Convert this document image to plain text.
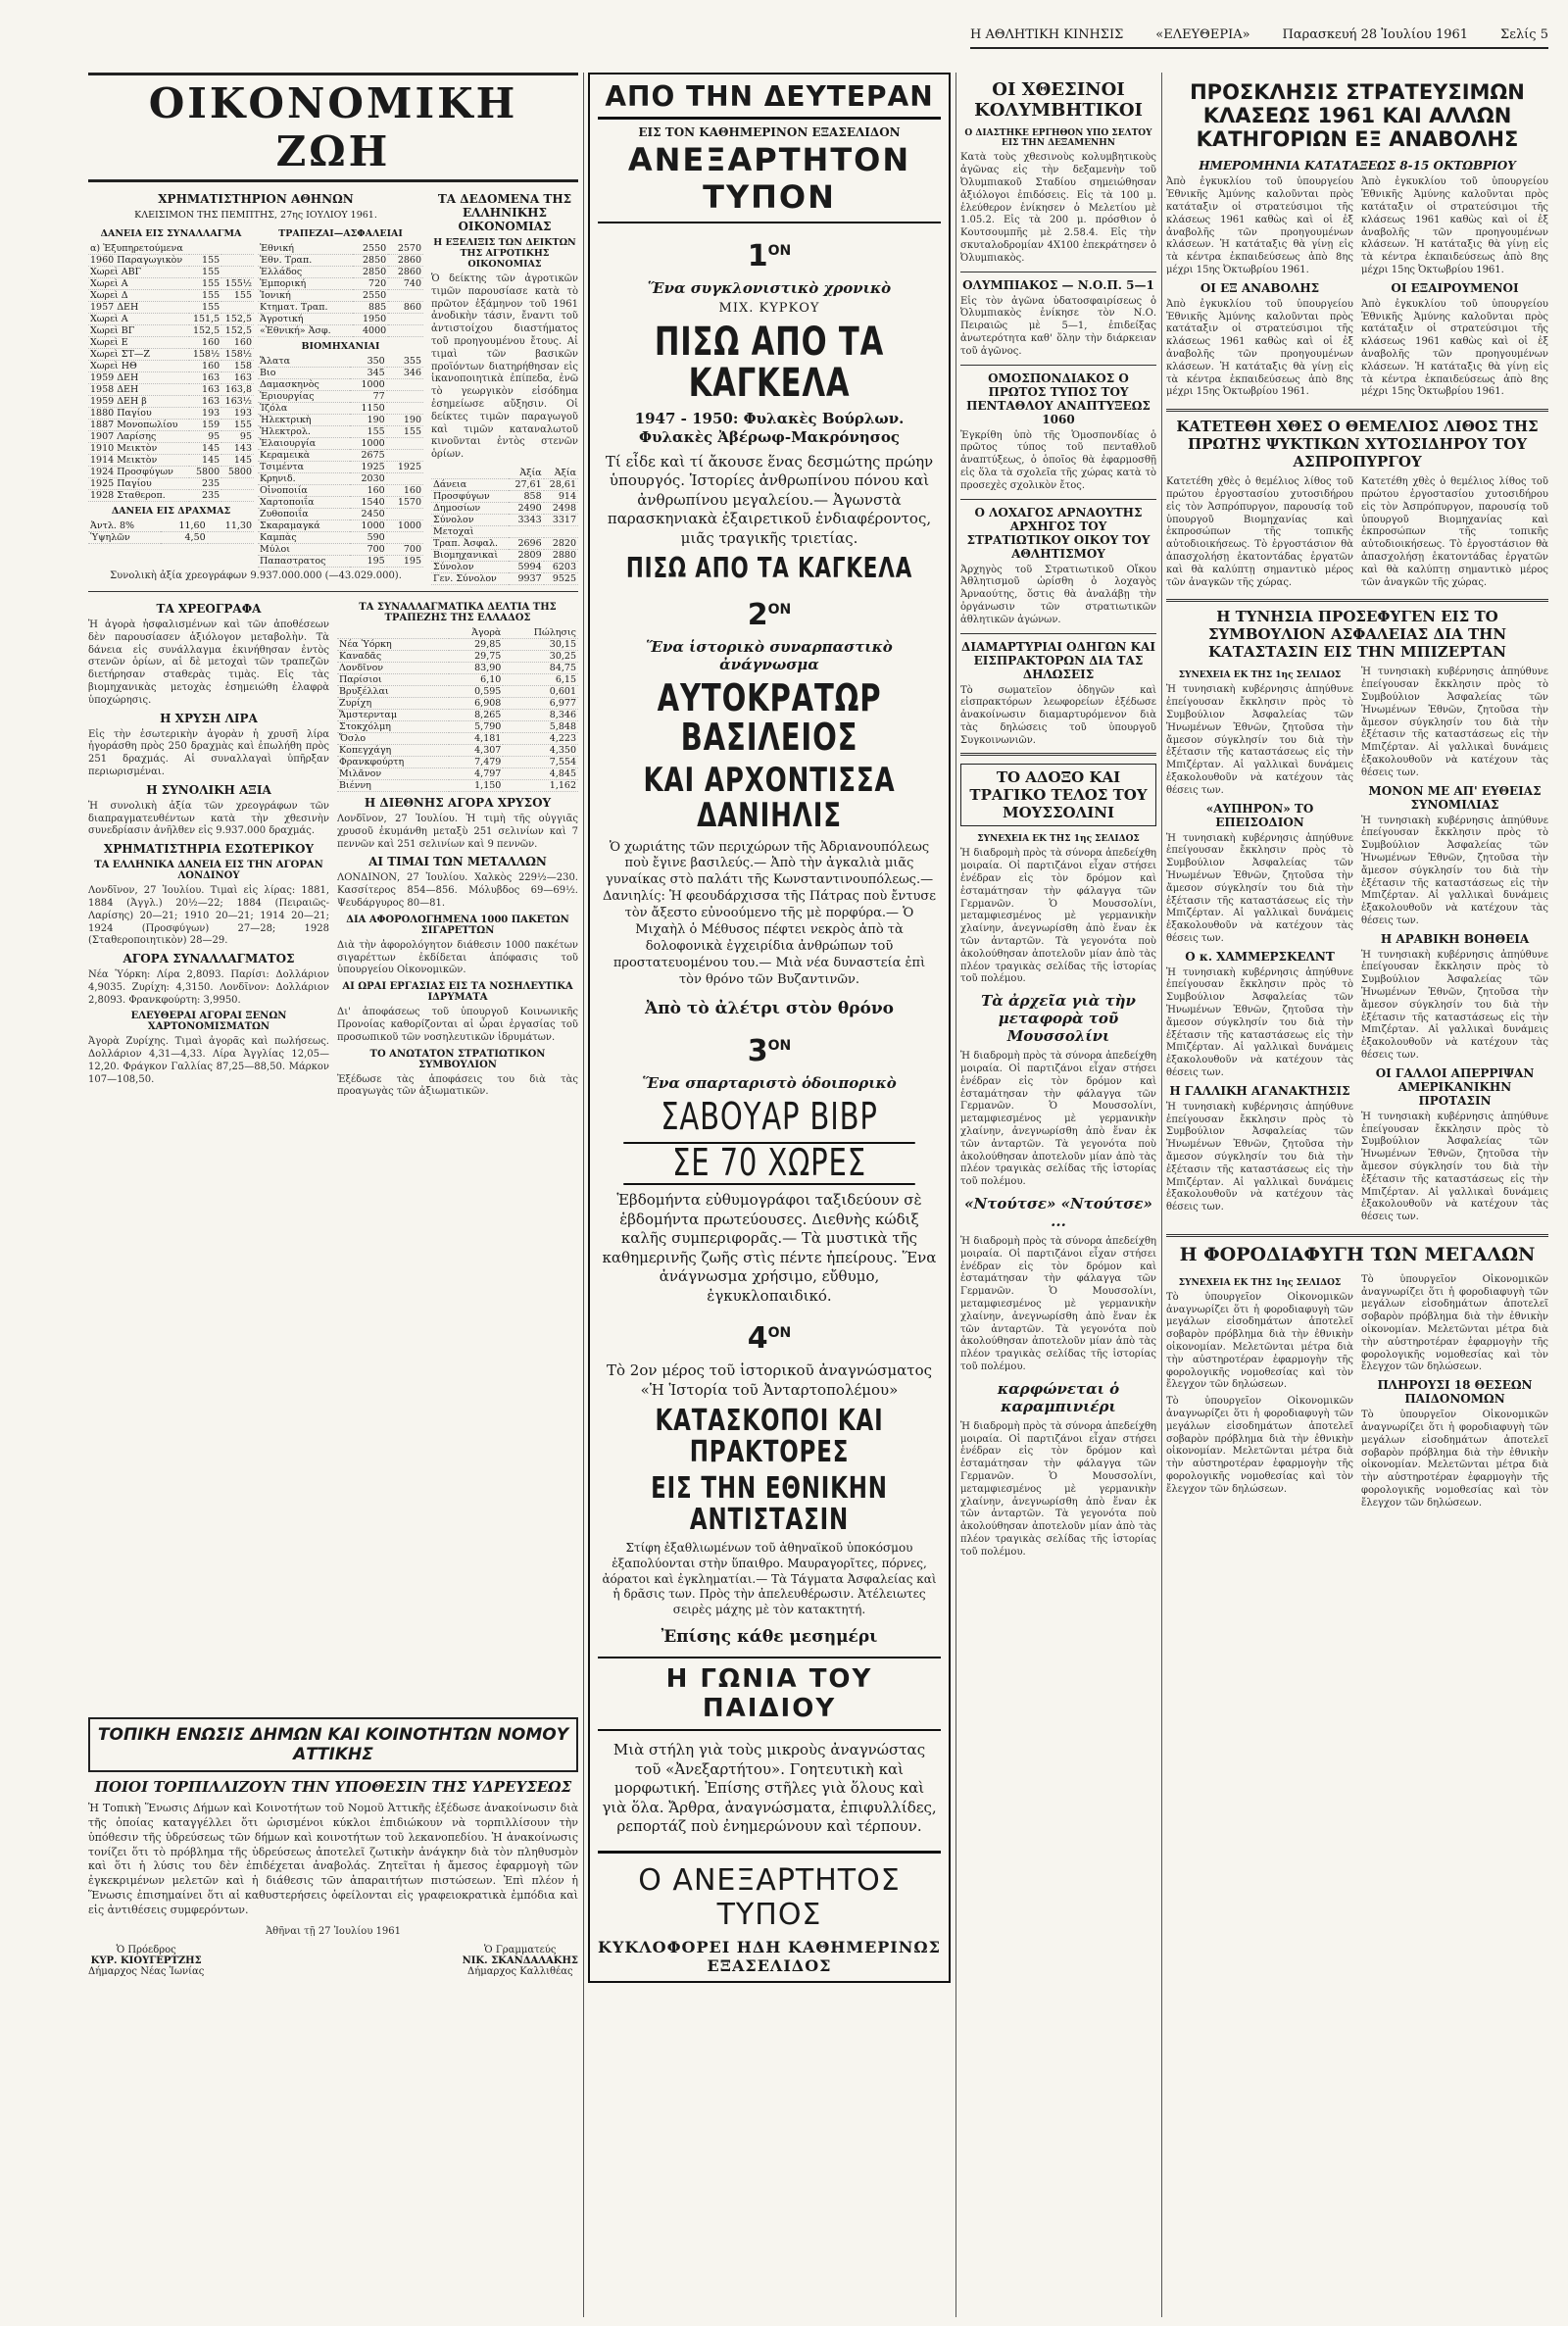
Η ΑΘΛΗΤΙΚΗ ΚΙΝΗΣΙΣ	«ΕΛΕΥΘΕΡΙΑ»	Παρασκευή 28 Ἰουλίου 1961	Σελίς 5
ΟΙΚΟΝΟΜΙΚΗ ΖΩΗ
ΧΡΗΜΑΤΙΣΤΗΡΙΟΝ ΑΘΗΝΩΝ
ΚΛΕΙΣΙΜΟΝ ΤΗΣ ΠΕΜΠΤΗΣ, 27ης ΙΟΥΛΙΟΥ 1961.
ΔΑΝΕΙΑ ΕΙΣ ΣΥΝΑΛΛΑΓΜΑ
α) Ἐξυπηρετούμενα		
1960 Παραγωγικὸν	155	
Χωρεὶ ΑΒΓ	155	
Χωρεὶ Α	155	155½
Χωρεὶ Δ	155	155
1957 ΔΕΗ	155	
Χωρεὶ Α	151,5	152,5
Χωρεὶ ΒΓ	152,5	152,5
Χωρεὶ Ε	160	160
Χωρεὶ ΣΤ—Ζ	158½	158½
Χωρεὶ ΗΘ	160	158
1959 ΔΕΗ	163	163
1958 ΔΕΗ	163	163,8
1959 ΔΕΗ β	163	163½
1880 Παγίου	193	193
1887 Μονοπωλίου	159	155
1907 Λαρίσης	95	95
1910 Μεικτὸν	145	143
1914 Μεικτὸν	145	145
1924 Προσφύγων	5800	5800
1925 Παγίου	235	
1928 Σταθεροπ.	235	
ΔΑΝΕΙΑ ΕΙΣ ΔΡΑΧΜΑΣ
Ἀντλ. 8%	11,60	11,30
Ὑψηλῶν	4,50	
ΤΡΑΠΕΖΑΙ—ΑΣΦΑΛΕΙΑΙ
Ἐθνική	2550	2570
Ἐθν. Τραπ.	2850	2860
Ἑλλάδος	2850	2860
Ἐμπορική	720	740
Ἰονική	2550	
Κτηματ. Τραπ.	885	860
Ἀγροτική	1950	
«Ἐθνική» Ἀσφ.	4000	
ΒΙΟΜΗΧΑΝΙΑΙ
Ἄλατα	350	355
Βιο	345	346
Δαμασκηνὸς	1000	
Ἐριουργίας	77	
Ἰζόλα	1150	
Ἡλεκτρικὴ	190	190
Ἡλεκτρολ.	155	155
Ἐλαιουργία	1000	
Κεραμεικὰ	2675	
Τσιμέντα	1925	1925
Κρηνιδ.	2030	
Οἰνοποιία	160	160
Χαρτοποιΐα	1540	1570
Ζυθοποιΐα	2450	
Σκαραμαγκά	1000	1000
Καμπὰς	590	
Μύλοι	700	700
Παπαστρατος	195	195
Συνολικὴ ἀξία χρεογράφων 9.937.000.000 (—43.029.000).
ΤΑ ΔΕΔΟΜΕΝΑ ΤΗΣ ΕΛΛΗΝΙΚΗΣ ΟΙΚΟΝΟΜΙΑΣ
Η ΕΞΕΛΙΞΙΣ ΤΩΝ ΔΕΙΚΤΩΝ ΤΗΣ ΑΓΡΟΤΙΚΗΣ ΟΙΚΟΝΟΜΙΑΣ
Ὁ δείκτης τῶν ἀγροτικῶν τιμῶν παρουσίασε κατὰ τὸ πρῶτον ἑξάμηνον τοῦ 1961 ἀνοδικὴν τάσιν, ἔναντι τοῦ ἀντιστοίχου διαστήματος τοῦ προηγουμένου ἔτους. Αἱ τιμαὶ τῶν βασικῶν προϊόντων διατηρήθησαν εἰς ἱκανοποιητικὰ ἐπίπεδα, ἐνῶ τὸ γεωργικὸν εἰσόδημα ἐσημείωσε αὔξησιν. Οἱ δείκτες τιμῶν παραγωγοῦ καὶ τιμῶν καταναλωτοῦ κινοῦνται ἐντὸς στενῶν ὁρίων.
	Ἀξία	Ἀξία
Δάνεια	27,61	28,61
Προσφύγων	858	914
Δημοσίων	2490	2498
Σύνολον	3343	3317
Μετοχαὶ		
Τραπ. Ἀσφαλ.	2696	2820
Βιομηχανικαὶ	2809	2880
Σύνολον	5994	6203
Γεν. Σύνολον	9937	9525
ΤΑ ΧΡΕΟΓΡΑΦΑ
Ἡ ἀγορὰ ἠσφαλισμένων καὶ τῶν ἀποθέσεων δὲν παρουσίασεν ἀξιόλογον μεταβολὴν. Τὰ δάνεια εἰς συνάλλαγμα ἐκινήθησαν ἐντὸς στενῶν ὁρίων, αἱ δὲ μετοχαὶ τῶν τραπεζῶν διετήρησαν σταθερὰς τιμὰς. Εἰς τὰς βιομηχανικὰς μετοχὰς ἐσημειώθη ἐλαφρὰ ὑποχώρησις.
Η ΧΡΥΣΗ ΛΙΡΑ
Εἰς τὴν ἐσωτερικὴν ἀγορὰν ἡ χρυσῆ λίρα ἠγοράσθη πρὸς 250 δραχμὰς καὶ ἐπωλήθη πρὸς 251 δραχμάς. Αἱ συναλλαγαὶ ὑπῆρξαν περιωρισμέναι.
Η ΣΥΝΟΛΙΚΗ ΑΞΙΑ
Ἡ συνολικὴ ἀξία τῶν χρεογράφων τῶν διαπραγματευθέντων κατὰ τὴν χθεσινὴν συνεδρίασιν ἀνῆλθεν εἰς 9.937.000 δραχμάς.
ΧΡΗΜΑΤΙΣΤΗΡΙΑ ΕΣΩΤΕΡΙΚΟΥ
ΤΑ ΕΛΛΗΝΙΚΑ ΔΑΝΕΙΑ ΕΙΣ ΤΗΝ ΑΓΟΡΑΝ ΛΟΝΔΙΝΟΥ
Λονδῖνον, 27 Ἰουλίου. Τιμαὶ εἰς λίρας: 1881, 1884 (Ἀγγλ.) 20½—22; 1884 (Πειραιῶς-Λαρίσης) 20—21; 1910 20—21; 1914 20—21; 1924 (Προσφύγων) 27—28; 1928 (Σταθεροποιητικὸν) 28—29.
ΑΓΟΡΑ ΣΥΝΑΛΛΑΓΜΑΤΟΣ
Νέα Ὑόρκη: Λίρα 2,8093. Παρίσι: Δολλάριον 4,9035. Ζυρίχη: 4,3150. Λονδῖνον: Δολλάριον 2,8093. Φρανκφούρτη: 3,9950.
ΕΛΕΥΘΕΡΑΙ ΑΓΟΡΑΙ ΞΕΝΩΝ ΧΑΡΤΟΝΟΜΙΣΜΑΤΩΝ
Ἀγορὰ Ζυρίχης. Τιμαὶ ἀγορᾶς καὶ πωλήσεως. Δολλάριον 4,31—4,33. Λίρα Ἀγγλίας 12,05—12,20. Φράγκον Γαλλίας 87,25—88,50. Μάρκον 107—108,50.
ΤΑ ΣΥΝΑΛΛΑΓΜΑΤΙΚΑ ΔΕΛΤΙΑ ΤΗΣ ΤΡΑΠΕΖΗΣ ΤΗΣ ΕΛΛΑΔΟΣ
	Ἀγορὰ	Πώλησις
Νέα Ὑόρκη	29,85	30,15
Καναδᾶς	29,75	30,25
Λονδῖνον	83,90	84,75
Παρίσιοι	6,10	6,15
Βρυξέλλαι	0,595	0,601
Ζυρίχη	6,908	6,977
Ἄμστερνταμ	8,265	8,346
Στοκχόλμη	5,790	5,848
Ὄσλο	4,181	4,223
Κοπεγχάγη	4,307	4,350
Φρανκφούρτη	7,479	7,554
Μιλᾶνον	4,797	4,845
Βιέννη	1,150	1,162
Η ΔΙΕΘΝΗΣ ΑΓΟΡΑ ΧΡΥΣΟΥ
Λονδῖνον, 27 Ἰουλίου. Ἡ τιμὴ τῆς οὐγγιᾶς χρυσοῦ ἐκυμάνθη μεταξὺ 251 σελινίων καὶ 7 πεννῶν καὶ 251 σελινίων καὶ 9 πεννῶν.
ΑΙ ΤΙΜΑΙ ΤΩΝ ΜΕΤΑΛΛΩΝ
ΛΟΝΔΙΝΟΝ, 27 Ἰουλίου. Χαλκὸς 229½—230. Κασσίτερος 854—856. Μόλυβδος 69—69½. Ψευδάργυρος 80—81.
ΔΙΑ ΑΦΟΡΟΛΟΓΗΜΕΝΑ 1000 ΠΑΚΕΤΩΝ ΣΙΓΑΡΕΤΤΩΝ
Διὰ τὴν ἀφορολόγητον διάθεσιν 1000 πακέτων σιγαρέττων ἐκδίδεται ἀπόφασις τοῦ ὑπουργείου Οἰκονομικῶν.
ΑΙ ΩΡΑΙ ΕΡΓΑΣΙΑΣ ΕΙΣ ΤΑ ΝΟΣΗΛΕΥΤΙΚΑ ΙΔΡΥΜΑΤΑ
Δι' ἀποφάσεως τοῦ ὑπουργοῦ Κοινωνικῆς Προνοίας καθορίζονται αἱ ὧραι ἐργασίας τοῦ προσωπικοῦ τῶν νοσηλευτικῶν ἱδρυμάτων.
ΤΟ ΑΝΩΤΑΤΟΝ ΣΤΡΑΤΙΩΤΙΚΟΝ ΣΥΜΒΟΥΛΙΟΝ
Ἐξέδωσε τὰς ἀποφάσεις του διὰ τὰς προαγωγὰς τῶν ἀξιωματικῶν.
ΤΟΠΙΚΗ ΕΝΩΣΙΣ ΔΗΜΩΝ ΚΑΙ ΚΟΙΝΟΤΗΤΩΝ ΝΟΜΟΥ ΑΤΤΙΚΗΣ
ΠΟΙΟΙ ΤΟΡΠΙΛΛΙΖΟΥΝ ΤΗΝ ΥΠΟΘΕΣΙΝ ΤΗΣ ΥΔΡΕΥΣΕΩΣ
Ἡ Τοπικὴ Ἕνωσις Δήμων καὶ Κοινοτήτων τοῦ Νομοῦ Ἀττικῆς ἐξέδωσε ἀνακοίνωσιν διὰ τῆς ὁποίας καταγγέλλει ὅτι ὡρισμένοι κύκλοι ἐπιδιώκουν νὰ τορπιλλίσουν τὴν ὑπόθεσιν τῆς ὑδρεύσεως τῶν δήμων καὶ κοινοτήτων τοῦ λεκανοπεδίου. Ἡ ἀνακοίνωσις τονίζει ὅτι τὸ πρόβλημα τῆς ὑδρεύσεως ἀποτελεῖ ζωτικὴν ἀνάγκην διὰ τὸν πληθυσμὸν καὶ ὅτι ἡ λύσις του δὲν ἐπιδέχεται ἀναβολάς. Ζητεῖται ἡ ἄμεσος ἐφαρμογὴ τῶν ἐγκεκριμένων μελετῶν καὶ ἡ διάθεσις τῶν ἀπαραιτήτων πιστώσεων. Ἐπὶ πλέον ἡ Ἕνωσις ἐπισημαίνει ὅτι αἱ καθυστερήσεις ὀφείλονται εἰς γραφειοκρατικὰ ἐμπόδια καὶ εἰς ἀντιθέσεις συμφερόντων.
Ἀθῆναι τῇ 27 Ἰουλίου 1961
Ὁ Πρόεδρος
ΚΥΡ. ΚΙΟΥΓΕΡΤΖΗΣ
Δήμαρχος Νέας Ἰωνίας
Ὁ Γραμματεύς
ΝΙΚ. ΣΚΑΝΔΑΛΑΚΗΣ
Δήμαρχος Καλλιθέας
ΑΠΟ ΤΗΝ ΔΕΥΤΕΡΑΝ
ΕΙΣ ΤΟΝ ΚΑΘΗΜΕΡΙΝΟΝ ΕΞΑΣΕΛΙΔΟΝ
ΑΝΕΞΑΡΤΗΤΟΝ ΤΥΠΟΝ
$1^{ON}$
Ἕνα συγκλονιστικὸ χρονικὸ
ΜΙΧ. ΚΥΡΚΟΥ
ΠΙΣΩ ΑΠΟ ΤΑ ΚΑΓΚΕΛΑ
1947 - 1950: Φυλακὲς Βούρλων. Φυλακὲς Ἀβέρωφ-Μακρόνησος
Τί εἶδε καὶ τί ἄκουσε ἕνας δεσμώτης πρώην ὑπουργός. Ἱστορίες ἀνθρωπίνου πόνου καὶ ἀνθρωπίνου μεγαλείου.— Ἀγωνστὰ παρασκηνιακὰ ἐξαιρετικοῦ ἐνδιαφέροντος, μιᾶς τραγικῆς τριετίας.
ΠΙΣΩ ΑΠΟ ΤΑ ΚΑΓΚΕΛΑ
$2^{ON}$
Ἕνα ἱστορικὸ συναρπαστικὸ ἀνάγνωσμα
ΑΥΤΟΚΡΑΤΩΡ ΒΑΣΙΛΕΙΟΣ
ΚΑΙ ΑΡΧΟΝΤΙΣΣΑ ΔΑΝΙΗΛΙΣ
Ὁ χωριάτης τῶν περιχώρων τῆς Ἀδριανουπόλεως ποὺ ἔγινε βασιλεύς.— Ἀπὸ τὴν ἀγκαλιὰ μιᾶς γυναίκας στὸ παλάτι τῆς Κωνσταντινουπόλεως.— Δανιηλίς: Ἡ φεουδάρχισσα τῆς Πάτρας ποὺ ἔντυσε τὸν ἄξεστο εὐνοούμενο τῆς μὲ πορφύρα.— Ὁ Μιχαὴλ ὁ Μέθυσος πέφτει νεκρὸς ἀπὸ τὰ δολοφονικὰ ἐγχειρίδια ἀνθρώπων τοῦ προστατευομένου του.— Μιὰ νέα δυναστεία ἐπὶ τὸν θρόνο τῶν Βυζαντινῶν.
Ἀπὸ τὸ ἀλέτρι στὸν θρόνο
$3^{ON}$
Ἕνα σπαρταριστὸ ὁδοιπορικὸ
ΣΑΒΟΥΑΡ ΒΙΒΡ
ΣΕ 70 ΧΩΡΕΣ
Ἑβδομήντα εὐθυμογράφοι ταξιδεύουν σὲ ἑβδομήντα πρωτεύουσες. Διεθνὴς κώδιξ καλῆς συμπεριφορᾶς.— Τὰ μυστικὰ τῆς καθημερινῆς ζωῆς στὶς πέντε ἠπείρους. Ἕνα ἀνάγνωσμα χρήσιμο, εὔθυμο, ἐγκυκλοπαιδικό.
$4^{ON}$
Τὸ 2ον μέρος τοῦ ἱστορικοῦ ἀναγνώσματος «Ἡ Ἱστορία τοῦ Ἀνταρτοπολέμου»
ΚΑΤΑΣΚΟΠΟΙ ΚΑΙ ΠΡΑΚΤΟΡΕΣ
ΕΙΣ ΤΗΝ ΕΘΝΙΚΗΝ ΑΝΤΙΣΤΑΣΙΝ
Στίφη ἐξαθλιωμένων τοῦ ἀθηναϊκοῦ ὑποκόσμου ἐξαπολύονται στὴν ὕπαιθρο. Μαυραγορῖτες, πόρνες, ἀόρατοι καὶ ἐγκληματίαι.— Τὰ Τάγματα Ἀσφαλείας καὶ ἡ δρᾶσις των. Πρὸς τὴν ἀπελευθέρωσιν. Ἀτέλειωτες σειρὲς μάχης μὲ τὸν κατακτητή.
Ἐπίσης κάθε μεσημέρι
Η ΓΩΝΙΑ ΤΟΥ ΠΑΙΔΙΟΥ
Μιὰ στήλη γιὰ τοὺς μικροὺς ἀναγνώστας τοῦ «Ἀνεξαρτήτου». Γοητευτικὴ καὶ μορφωτική. Ἐπίσης στῆλες γιὰ ὅλους καὶ γιὰ ὅλα. Ἄρθρα, ἀναγνώσματα, ἐπιφυλλίδες, ρεπορτάζ ποὺ ἐνημερώνουν καὶ τέρπουν.
Ο ΑΝΕΞΑΡΤΗΤΟΣ ΤΥΠΟΣ
ΚΥΚΛΟΦΟΡΕΙ ΗΔΗ ΚΑΘΗΜΕΡΙΝΩΣ ΕΞΑΣΕΛΙΔΟΣ
ΟΙ ΧΘΕΣΙΝΟΙ ΚΟΛΥΜΒΗΤΙΚΟΙ
Ο ΔΙΑΣΤΗΚΕ ΕΡΓΗΘΟΝ ΥΠΟ ΣΕΛΤΟΥ ΕΙΣ ΤΗΝ ΔΕΞΑΜΕΝΗΝ
Κατὰ τοὺς χθεσινοὺς κολυμβητικοὺς ἀγῶνας εἰς τὴν δεξαμενὴν τοῦ Ὀλυμπιακοῦ Σταδίου σημειώθησαν ἀξιόλογοι ἐπιδόσεις. Εἰς τὰ 100 μ. ἐλεύθερον ἐνίκησεν ὁ Μελετίου μὲ 1.05.2. Εἰς τὰ 200 μ. πρόσθιον ὁ Κουτσουμπῆς μὲ 2.58.4. Εἰς τὴν σκυταλοδρομίαν 4Χ100 ἐπεκράτησεν ὁ Ὀλυμπιακὸς.
ΟΛΥΜΠΙΑΚΟΣ — Ν.Ο.Π. 5—1
Εἰς τὸν ἀγῶνα ὑδατοσφαιρίσεως ὁ Ὀλυμπιακὸς ἐνίκησε τὸν Ν.Ο. Πειραιῶς μὲ 5—1, ἐπιδείξας ἀνωτερότητα καθ' ὅλην τὴν διάρκειαν τοῦ ἀγῶνος.
ΟΜΟΣΠΟΝΔΙΑΚΟΣ Ο ΠΡΩΤΟΣ ΤΥΠΟΣ ΤΟΥ ΠΕΝΤΑΘΛΟΥ ΑΝΑΠΤΥΞΕΩΣ 1060
Ἐγκρίθη ὑπὸ τῆς Ὁμοσπονδίας ὁ πρῶτος τύπος τοῦ πενταθλοῦ ἀναπτύξεως, ὁ ὁποῖος θὰ ἐφαρμοσθῇ εἰς ὅλα τὰ σχολεῖα τῆς χώρας κατὰ τὸ προσεχὲς σχολικὸν ἔτος.
Ο ΛΟΧΑΓΟΣ ΑΡΝΑΟΥΤΗΣ ΑΡΧΗΓΟΣ ΤΟΥ ΣΤΡΑΤΙΩΤΙΚΟΥ ΟΙΚΟΥ ΤΟΥ ΑΘΛΗΤΙΣΜΟΥ
Ἀρχηγὸς τοῦ Στρατιωτικοῦ Οἴκου Ἀθλητισμοῦ ὡρίσθη ὁ λοχαγὸς Ἀρναούτης, ὅστις θὰ ἀναλάβῃ τὴν ὀργάνωσιν τῶν στρατιωτικῶν ἀθλητικῶν ἀγώνων.
ΔΙΑΜΑΡΤΥΡΙΑΙ ΟΔΗΓΩΝ ΚΑΙ ΕΙΣΠΡΑΚΤΟΡΩΝ ΔΙΑ ΤΑΣ ΔΗΛΩΣΕΙΣ
Τὸ σωματεῖον ὁδηγῶν καὶ εἰσπρακτόρων λεωφορείων ἐξέδωσε ἀνακοίνωσιν διαμαρτυρόμενον διὰ τὰς δηλώσεις τοῦ ὑπουργοῦ Συγκοινωνιῶν.
ΤΟ ΑΔΟΞΟ ΚΑΙ ΤΡΑΓΙΚΟ ΤΕΛΟΣ ΤΟΥ ΜΟΥΣΣΟΛΙΝΙ
ΣΥΝΕΧΕΙΑ ΕΚ ΤΗΣ 1ης ΣΕΛΙΔΟΣ
Ἡ διαδρομὴ πρὸς τὰ σύνορα ἀπεδείχθη μοιραία. Οἱ παρτιζάνοι εἶχαν στήσει ἐνέδραν εἰς τὸν δρόμον καὶ ἐσταμάτησαν τὴν φάλαγγα τῶν Γερμανῶν. Ὁ Μουσσολίνι, μεταμφιεσμένος μὲ γερμανικὴν χλαίνην, ἀνεγνωρίσθη ἀπὸ ἕναν ἐκ τῶν ἀνταρτῶν. Τὰ γεγονότα ποὺ ἀκολούθησαν ἀποτελοῦν μίαν ἀπὸ τὰς πλέον τραγικὰς σελίδας τῆς ἱστορίας τοῦ πολέμου.
Τὰ ἀρχεῖα γιὰ τὴν μεταφορὰ τοῦ Μουσσολίνι
Ἡ διαδρομὴ πρὸς τὰ σύνορα ἀπεδείχθη μοιραία. Οἱ παρτιζάνοι εἶχαν στήσει ἐνέδραν εἰς τὸν δρόμον καὶ ἐσταμάτησαν τὴν φάλαγγα τῶν Γερμανῶν. Ὁ Μουσσολίνι, μεταμφιεσμένος μὲ γερμανικὴν χλαίνην, ἀνεγνωρίσθη ἀπὸ ἕναν ἐκ τῶν ἀνταρτῶν. Τὰ γεγονότα ποὺ ἀκολούθησαν ἀποτελοῦν μίαν ἀπὸ τὰς πλέον τραγικὰς σελίδας τῆς ἱστορίας τοῦ πολέμου.
«Ντούτσε» «Ντούτσε» ...
Ἡ διαδρομὴ πρὸς τὰ σύνορα ἀπεδείχθη μοιραία. Οἱ παρτιζάνοι εἶχαν στήσει ἐνέδραν εἰς τὸν δρόμον καὶ ἐσταμάτησαν τὴν φάλαγγα τῶν Γερμανῶν. Ὁ Μουσσολίνι, μεταμφιεσμένος μὲ γερμανικὴν χλαίνην, ἀνεγνωρίσθη ἀπὸ ἕναν ἐκ τῶν ἀνταρτῶν. Τὰ γεγονότα ποὺ ἀκολούθησαν ἀποτελοῦν μίαν ἀπὸ τὰς πλέον τραγικὰς σελίδας τῆς ἱστορίας τοῦ πολέμου.
καρφώνεται ὁ καραμπινιέρι
Ἡ διαδρομὴ πρὸς τὰ σύνορα ἀπεδείχθη μοιραία. Οἱ παρτιζάνοι εἶχαν στήσει ἐνέδραν εἰς τὸν δρόμον καὶ ἐσταμάτησαν τὴν φάλαγγα τῶν Γερμανῶν. Ὁ Μουσσολίνι, μεταμφιεσμένος μὲ γερμανικὴν χλαίνην, ἀνεγνωρίσθη ἀπὸ ἕναν ἐκ τῶν ἀνταρτῶν. Τὰ γεγονότα ποὺ ἀκολούθησαν ἀποτελοῦν μίαν ἀπὸ τὰς πλέον τραγικὰς σελίδας τῆς ἱστορίας τοῦ πολέμου.
ΠΡΟΣΚΛΗΣΙΣ ΣΤΡΑΤΕΥΣΙΜΩΝ ΚΛΑΣΕΩΣ 1961 ΚΑΙ ΑΛΛΩΝ ΚΑΤΗΓΟΡΙΩΝ ΕΞ ΑΝΑΒΟΛΗΣ
ΗΜΕΡΟΜΗΝΙΑ ΚΑΤΑΤΑΞΕΩΣ 8-15 ΟΚΤΩΒΡΙΟΥ
Ἀπὸ ἐγκυκλίου τοῦ ὑπουργείου Ἐθνικῆς Ἀμύνης καλοῦνται πρὸς κατάταξιν οἱ στρατεύσιμοι τῆς κλάσεως 1961 καθὼς καὶ οἱ ἐξ ἀναβολῆς τῶν προηγουμένων κλάσεων. Ἡ κατάταξις θὰ γίνῃ εἰς τὰ κέντρα ἐκπαιδεύσεως ἀπὸ 8ης μέχρι 15ης Ὀκτωβρίου 1961.
ΟΙ ΕΞ ΑΝΑΒΟΛΗΣ
Ἀπὸ ἐγκυκλίου τοῦ ὑπουργείου Ἐθνικῆς Ἀμύνης καλοῦνται πρὸς κατάταξιν οἱ στρατεύσιμοι τῆς κλάσεως 1961 καθὼς καὶ οἱ ἐξ ἀναβολῆς τῶν προηγουμένων κλάσεων. Ἡ κατάταξις θὰ γίνῃ εἰς τὰ κέντρα ἐκπαιδεύσεως ἀπὸ 8ης μέχρι 15ης Ὀκτωβρίου 1961.
Ἀπὸ ἐγκυκλίου τοῦ ὑπουργείου Ἐθνικῆς Ἀμύνης καλοῦνται πρὸς κατάταξιν οἱ στρατεύσιμοι τῆς κλάσεως 1961 καθὼς καὶ οἱ ἐξ ἀναβολῆς τῶν προηγουμένων κλάσεων. Ἡ κατάταξις θὰ γίνῃ εἰς τὰ κέντρα ἐκπαιδεύσεως ἀπὸ 8ης μέχρι 15ης Ὀκτωβρίου 1961.
ΟΙ ΕΞΑΙΡΟΥΜΕΝΟΙ
Ἀπὸ ἐγκυκλίου τοῦ ὑπουργείου Ἐθνικῆς Ἀμύνης καλοῦνται πρὸς κατάταξιν οἱ στρατεύσιμοι τῆς κλάσεως 1961 καθὼς καὶ οἱ ἐξ ἀναβολῆς τῶν προηγουμένων κλάσεων. Ἡ κατάταξις θὰ γίνῃ εἰς τὰ κέντρα ἐκπαιδεύσεως ἀπὸ 8ης μέχρι 15ης Ὀκτωβρίου 1961.
ΚΑΤΕΤΕΘΗ ΧΘΕΣ Ο ΘΕΜΕΛΙΟΣ ΛΙΘΟΣ ΤΗΣ ΠΡΩΤΗΣ ΨΥΚΤΙΚΩΝ ΧΥΤΟΣΙΔΗΡΟΥ ΤΟΥ ΑΣΠΡΟΠΥΡΓΟΥ
Κατετέθη χθὲς ὁ θεμέλιος λίθος τοῦ πρώτου ἐργοστασίου χυτοσιδήρου εἰς τὸν Ἀσπρόπυργον, παρουσίᾳ τοῦ ὑπουργοῦ Βιομηχανίας καὶ ἐκπροσώπων τῆς τοπικῆς αὐτοδιοικήσεως. Τὸ ἐργοστάσιον θὰ ἀπασχολήσῃ ἑκατοντάδας ἐργατῶν καὶ θὰ καλύπτῃ σημαντικὸ μέρος τῶν ἀναγκῶν τῆς χώρας.
Κατετέθη χθὲς ὁ θεμέλιος λίθος τοῦ πρώτου ἐργοστασίου χυτοσιδήρου εἰς τὸν Ἀσπρόπυργον, παρουσίᾳ τοῦ ὑπουργοῦ Βιομηχανίας καὶ ἐκπροσώπων τῆς τοπικῆς αὐτοδιοικήσεως. Τὸ ἐργοστάσιον θὰ ἀπασχολήσῃ ἑκατοντάδας ἐργατῶν καὶ θὰ καλύπτῃ σημαντικὸ μέρος τῶν ἀναγκῶν τῆς χώρας.
Η ΤΥΝΗΣΙΑ ΠΡΟΣΕΦΥΓΕΝ ΕΙΣ ΤΟ ΣΥΜΒΟΥΛΙΟΝ ΑΣΦΑΛΕΙΑΣ ΔΙΑ ΤΗΝ ΚΑΤΑΣΤΑΣΙΝ ΕΙΣ ΤΗΝ ΜΠΙΖΕΡΤΑΝ
ΣΥΝΕΧΕΙΑ ΕΚ ΤΗΣ 1ης ΣΕΛΙΔΟΣ
Ἡ τυνησιακὴ κυβέρνησις ἀπηύθυνε ἐπείγουσαν ἔκκλησιν πρὸς τὸ Συμβούλιον Ἀσφαλείας τῶν Ἡνωμένων Ἐθνῶν, ζητοῦσα τὴν ἄμεσον σύγκλησίν του διὰ τὴν ἐξέτασιν τῆς καταστάσεως εἰς τὴν Μπιζέρταν. Αἱ γαλλικαὶ δυνάμεις ἐξακολουθοῦν νὰ κατέχουν τὰς θέσεις των.
«ΑΥΠΗΡΟΝ» ΤΟ ΕΠΕΙΣΟΔΙΟΝ
Ἡ τυνησιακὴ κυβέρνησις ἀπηύθυνε ἐπείγουσαν ἔκκλησιν πρὸς τὸ Συμβούλιον Ἀσφαλείας τῶν Ἡνωμένων Ἐθνῶν, ζητοῦσα τὴν ἄμεσον σύγκλησίν του διὰ τὴν ἐξέτασιν τῆς καταστάσεως εἰς τὴν Μπιζέρταν. Αἱ γαλλικαὶ δυνάμεις ἐξακολουθοῦν νὰ κατέχουν τὰς θέσεις των.
Ο κ. ΧΑΜΜΕΡΣΚΕΛΝΤ
Ἡ τυνησιακὴ κυβέρνησις ἀπηύθυνε ἐπείγουσαν ἔκκλησιν πρὸς τὸ Συμβούλιον Ἀσφαλείας τῶν Ἡνωμένων Ἐθνῶν, ζητοῦσα τὴν ἄμεσον σύγκλησίν του διὰ τὴν ἐξέτασιν τῆς καταστάσεως εἰς τὴν Μπιζέρταν. Αἱ γαλλικαὶ δυνάμεις ἐξακολουθοῦν νὰ κατέχουν τὰς θέσεις των.
Η ΓΑΛΛΙΚΗ ΑΓΑΝΑΚΤΗΣΙΣ
Ἡ τυνησιακὴ κυβέρνησις ἀπηύθυνε ἐπείγουσαν ἔκκλησιν πρὸς τὸ Συμβούλιον Ἀσφαλείας τῶν Ἡνωμένων Ἐθνῶν, ζητοῦσα τὴν ἄμεσον σύγκλησίν του διὰ τὴν ἐξέτασιν τῆς καταστάσεως εἰς τὴν Μπιζέρταν. Αἱ γαλλικαὶ δυνάμεις ἐξακολουθοῦν νὰ κατέχουν τὰς θέσεις των.
Ἡ τυνησιακὴ κυβέρνησις ἀπηύθυνε ἐπείγουσαν ἔκκλησιν πρὸς τὸ Συμβούλιον Ἀσφαλείας τῶν Ἡνωμένων Ἐθνῶν, ζητοῦσα τὴν ἄμεσον σύγκλησίν του διὰ τὴν ἐξέτασιν τῆς καταστάσεως εἰς τὴν Μπιζέρταν. Αἱ γαλλικαὶ δυνάμεις ἐξακολουθοῦν νὰ κατέχουν τὰς θέσεις των.
ΜΟΝΟΝ ΜΕ ΑΠ' ΕΥΘΕΙΑΣ ΣΥΝΟΜΙΛΙΑΣ
Ἡ τυνησιακὴ κυβέρνησις ἀπηύθυνε ἐπείγουσαν ἔκκλησιν πρὸς τὸ Συμβούλιον Ἀσφαλείας τῶν Ἡνωμένων Ἐθνῶν, ζητοῦσα τὴν ἄμεσον σύγκλησίν του διὰ τὴν ἐξέτασιν τῆς καταστάσεως εἰς τὴν Μπιζέρταν. Αἱ γαλλικαὶ δυνάμεις ἐξακολουθοῦν νὰ κατέχουν τὰς θέσεις των.
Η ΑΡΑΒΙΚΗ ΒΟΗΘΕΙΑ
Ἡ τυνησιακὴ κυβέρνησις ἀπηύθυνε ἐπείγουσαν ἔκκλησιν πρὸς τὸ Συμβούλιον Ἀσφαλείας τῶν Ἡνωμένων Ἐθνῶν, ζητοῦσα τὴν ἄμεσον σύγκλησίν του διὰ τὴν ἐξέτασιν τῆς καταστάσεως εἰς τὴν Μπιζέρταν. Αἱ γαλλικαὶ δυνάμεις ἐξακολουθοῦν νὰ κατέχουν τὰς θέσεις των.
ΟΙ ΓΑΛΛΟΙ ΑΠΕΡΡΙΨΑΝ ΑΜΕΡΙΚΑΝΙΚΗΝ ΠΡΟΤΑΣΙΝ
Ἡ τυνησιακὴ κυβέρνησις ἀπηύθυνε ἐπείγουσαν ἔκκλησιν πρὸς τὸ Συμβούλιον Ἀσφαλείας τῶν Ἡνωμένων Ἐθνῶν, ζητοῦσα τὴν ἄμεσον σύγκλησίν του διὰ τὴν ἐξέτασιν τῆς καταστάσεως εἰς τὴν Μπιζέρταν. Αἱ γαλλικαὶ δυνάμεις ἐξακολουθοῦν νὰ κατέχουν τὰς θέσεις των.
Η ΦΟΡΟΔΙΑΦΥΓΗ ΤΩΝ ΜΕΓΑΛΩΝ
ΣΥΝΕΧΕΙΑ ΕΚ ΤΗΣ 1ης ΣΕΛΙΔΟΣ
Τὸ ὑπουργεῖον Οἰκονομικῶν ἀναγνωρίζει ὅτι ἡ φοροδιαφυγὴ τῶν μεγάλων εἰσοδημάτων ἀποτελεῖ σοβαρὸν πρόβλημα διὰ τὴν ἐθνικὴν οἰκονομίαν. Μελετῶνται μέτρα διὰ τὴν αὐστηροτέραν ἐφαρμογὴν τῆς φορολογικῆς νομοθεσίας καὶ τὸν ἔλεγχον τῶν δηλώσεων.
Τὸ ὑπουργεῖον Οἰκονομικῶν ἀναγνωρίζει ὅτι ἡ φοροδιαφυγὴ τῶν μεγάλων εἰσοδημάτων ἀποτελεῖ σοβαρὸν πρόβλημα διὰ τὴν ἐθνικὴν οἰκονομίαν. Μελετῶνται μέτρα διὰ τὴν αὐστηροτέραν ἐφαρμογὴν τῆς φορολογικῆς νομοθεσίας καὶ τὸν ἔλεγχον τῶν δηλώσεων.
Τὸ ὑπουργεῖον Οἰκονομικῶν ἀναγνωρίζει ὅτι ἡ φοροδιαφυγὴ τῶν μεγάλων εἰσοδημάτων ἀποτελεῖ σοβαρὸν πρόβλημα διὰ τὴν ἐθνικὴν οἰκονομίαν. Μελετῶνται μέτρα διὰ τὴν αὐστηροτέραν ἐφαρμογὴν τῆς φορολογικῆς νομοθεσίας καὶ τὸν ἔλεγχον τῶν δηλώσεων.
ΠΛΗΡΟΥΣΙ 18 ΘΕΣΕΩΝ ΠΑΙΔΟΝΟΜΩΝ
Τὸ ὑπουργεῖον Οἰκονομικῶν ἀναγνωρίζει ὅτι ἡ φοροδιαφυγὴ τῶν μεγάλων εἰσοδημάτων ἀποτελεῖ σοβαρὸν πρόβλημα διὰ τὴν ἐθνικὴν οἰκονομίαν. Μελετῶνται μέτρα διὰ τὴν αὐστηροτέραν ἐφαρμογὴν τῆς φορολογικῆς νομοθεσίας καὶ τὸν ἔλεγχον τῶν δηλώσεων.
